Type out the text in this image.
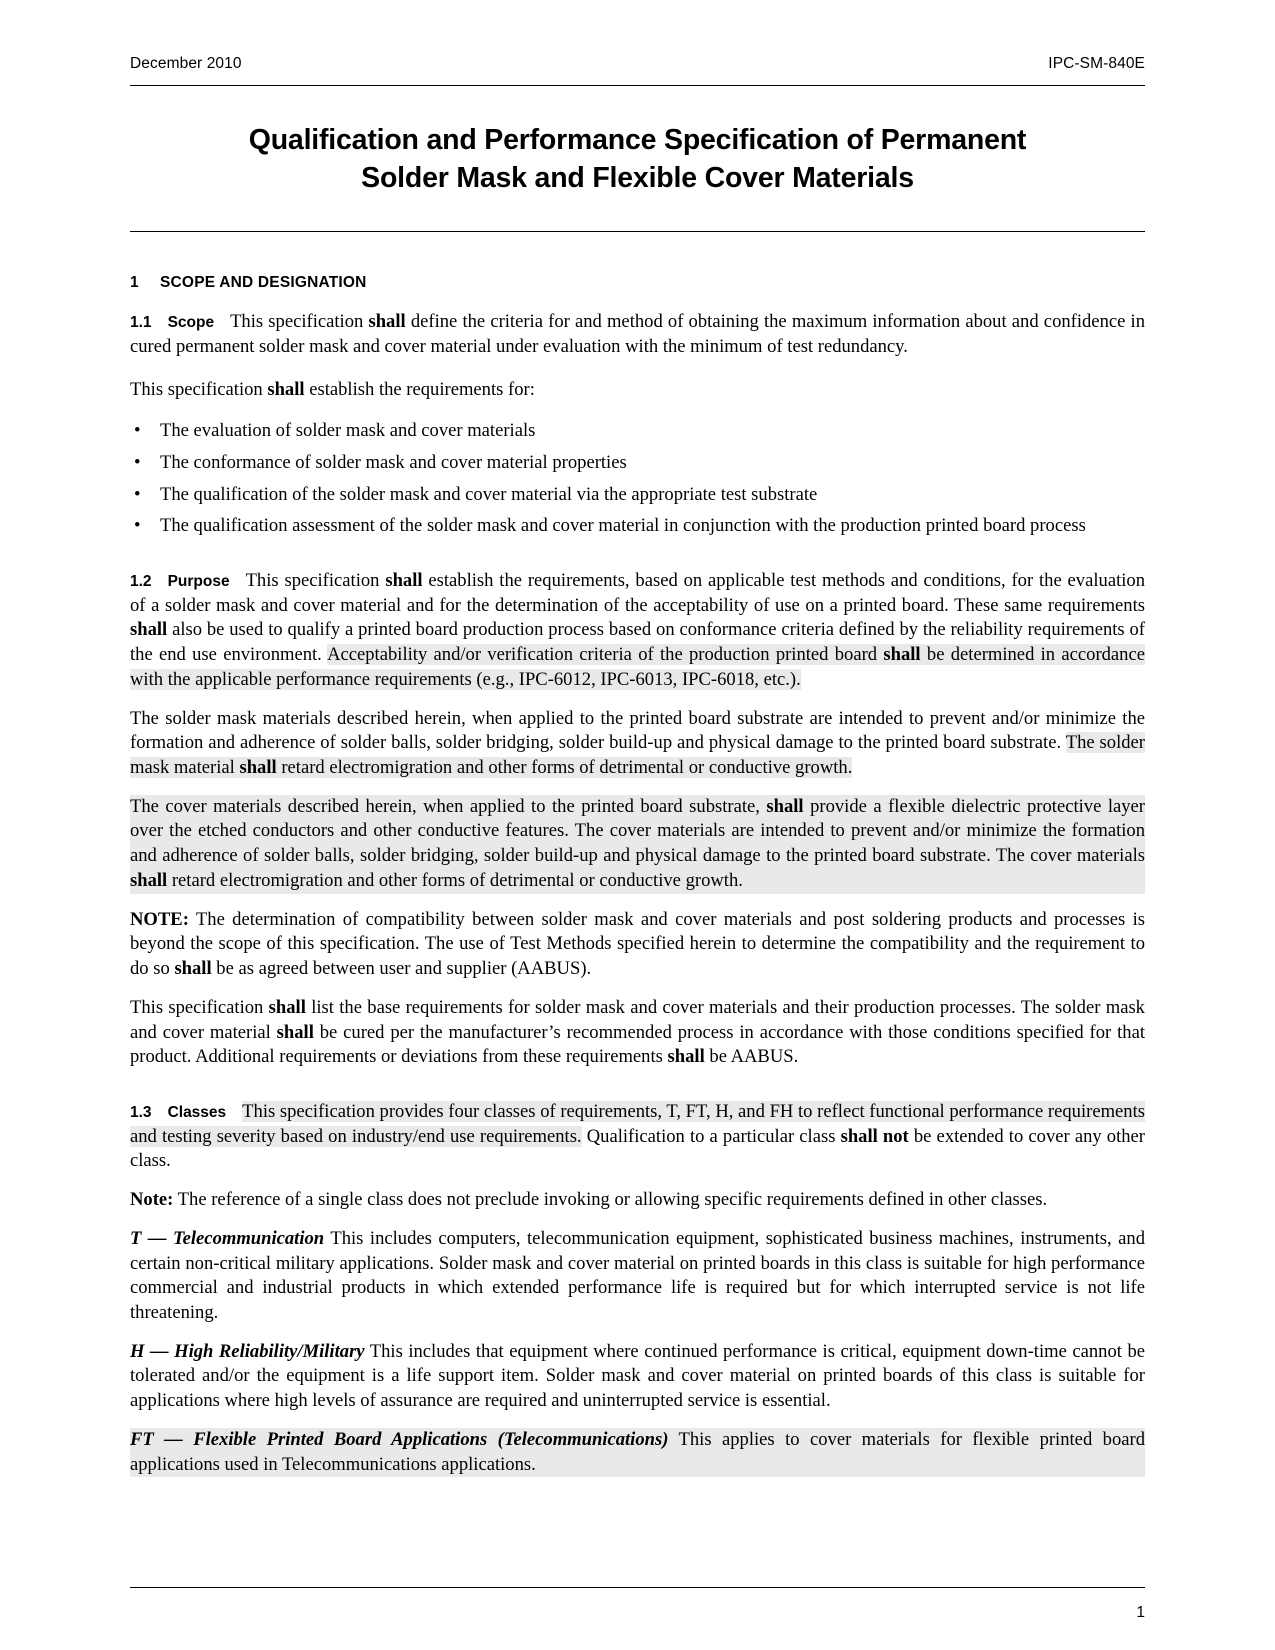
December 2010	IPC-SM-840E
Qualification and Performance Specification of Permanent
Solder Mask and Flexible Cover Materials
1 SCOPE AND DESIGNATION

1.1 Scope This specification shall define the criteria for and method of obtaining the maximum information about and confidence in cured permanent solder mask and cover material under evaluation with the minimum of test redundancy.

This specification shall establish the requirements for:

• The evaluation of solder mask and cover materials
• The conformance of solder mask and cover material properties
• The qualification of the solder mask and cover material via the appropriate test substrate
• The qualification assessment of the solder mask and cover material in conjunction with the production printed board process

1.2 Purpose This specification shall establish the requirements, based on applicable test methods and conditions, for the evaluation of a solder mask and cover material and for the determination of the acceptability of use on a printed board. These same requirements shall also be used to qualify a printed board production process based on conformance criteria defined by the reliability requirements of the end use environment. Acceptability and/or verification criteria of the production printed board shall be determined in accordance with the applicable performance requirements (e.g., IPC-6012, IPC-6013, IPC-6018, etc.).

The solder mask materials described herein, when applied to the printed board substrate are intended to prevent and/or minimize the formation and adherence of solder balls, solder bridging, solder build-up and physical damage to the printed board substrate. The solder mask material shall retard electromigration and other forms of detrimental or conductive growth.

The cover materials described herein, when applied to the printed board substrate, shall provide a flexible dielectric protective layer over the etched conductors and other conductive features. The cover materials are intended to prevent and/or minimize the formation and adherence of solder balls, solder bridging, solder build-up and physical damage to the printed board substrate. The cover materials shall retard electromigration and other forms of detrimental or conductive growth.

NOTE: The determination of compatibility between solder mask and cover materials and post soldering products and processes is beyond the scope of this specification. The use of Test Methods specified herein to determine the compatibility and the requirement to do so shall be as agreed between user and supplier (AABUS).

This specification shall list the base requirements for solder mask and cover materials and their production processes. The solder mask and cover material shall be cured per the manufacturer’s recommended process in accordance with those conditions specified for that product. Additional requirements or deviations from these requirements shall be AABUS.

1.3 Classes This specification provides four classes of requirements, T, FT, H, and FH to reflect functional performance requirements and testing severity based on industry/end use requirements. Qualification to a particular class shall not be extended to cover any other class.

Note: The reference of a single class does not preclude invoking or allowing specific requirements defined in other classes.

T — Telecommunication This includes computers, telecommunication equipment, sophisticated business machines, instruments, and certain non-critical military applications. Solder mask and cover material on printed boards in this class is suitable for high performance commercial and industrial products in which extended performance life is required but for which interrupted service is not life threatening.

H — High Reliability/Military This includes that equipment where continued performance is critical, equipment down-time cannot be tolerated and/or the equipment is a life support item. Solder mask and cover material on printed boards of this class is suitable for applications where high levels of assurance are required and uninterrupted service is essential.

FT — Flexible Printed Board Applications (Telecommunications) This applies to cover materials for flexible printed board applications used in Telecommunications applications.

1
